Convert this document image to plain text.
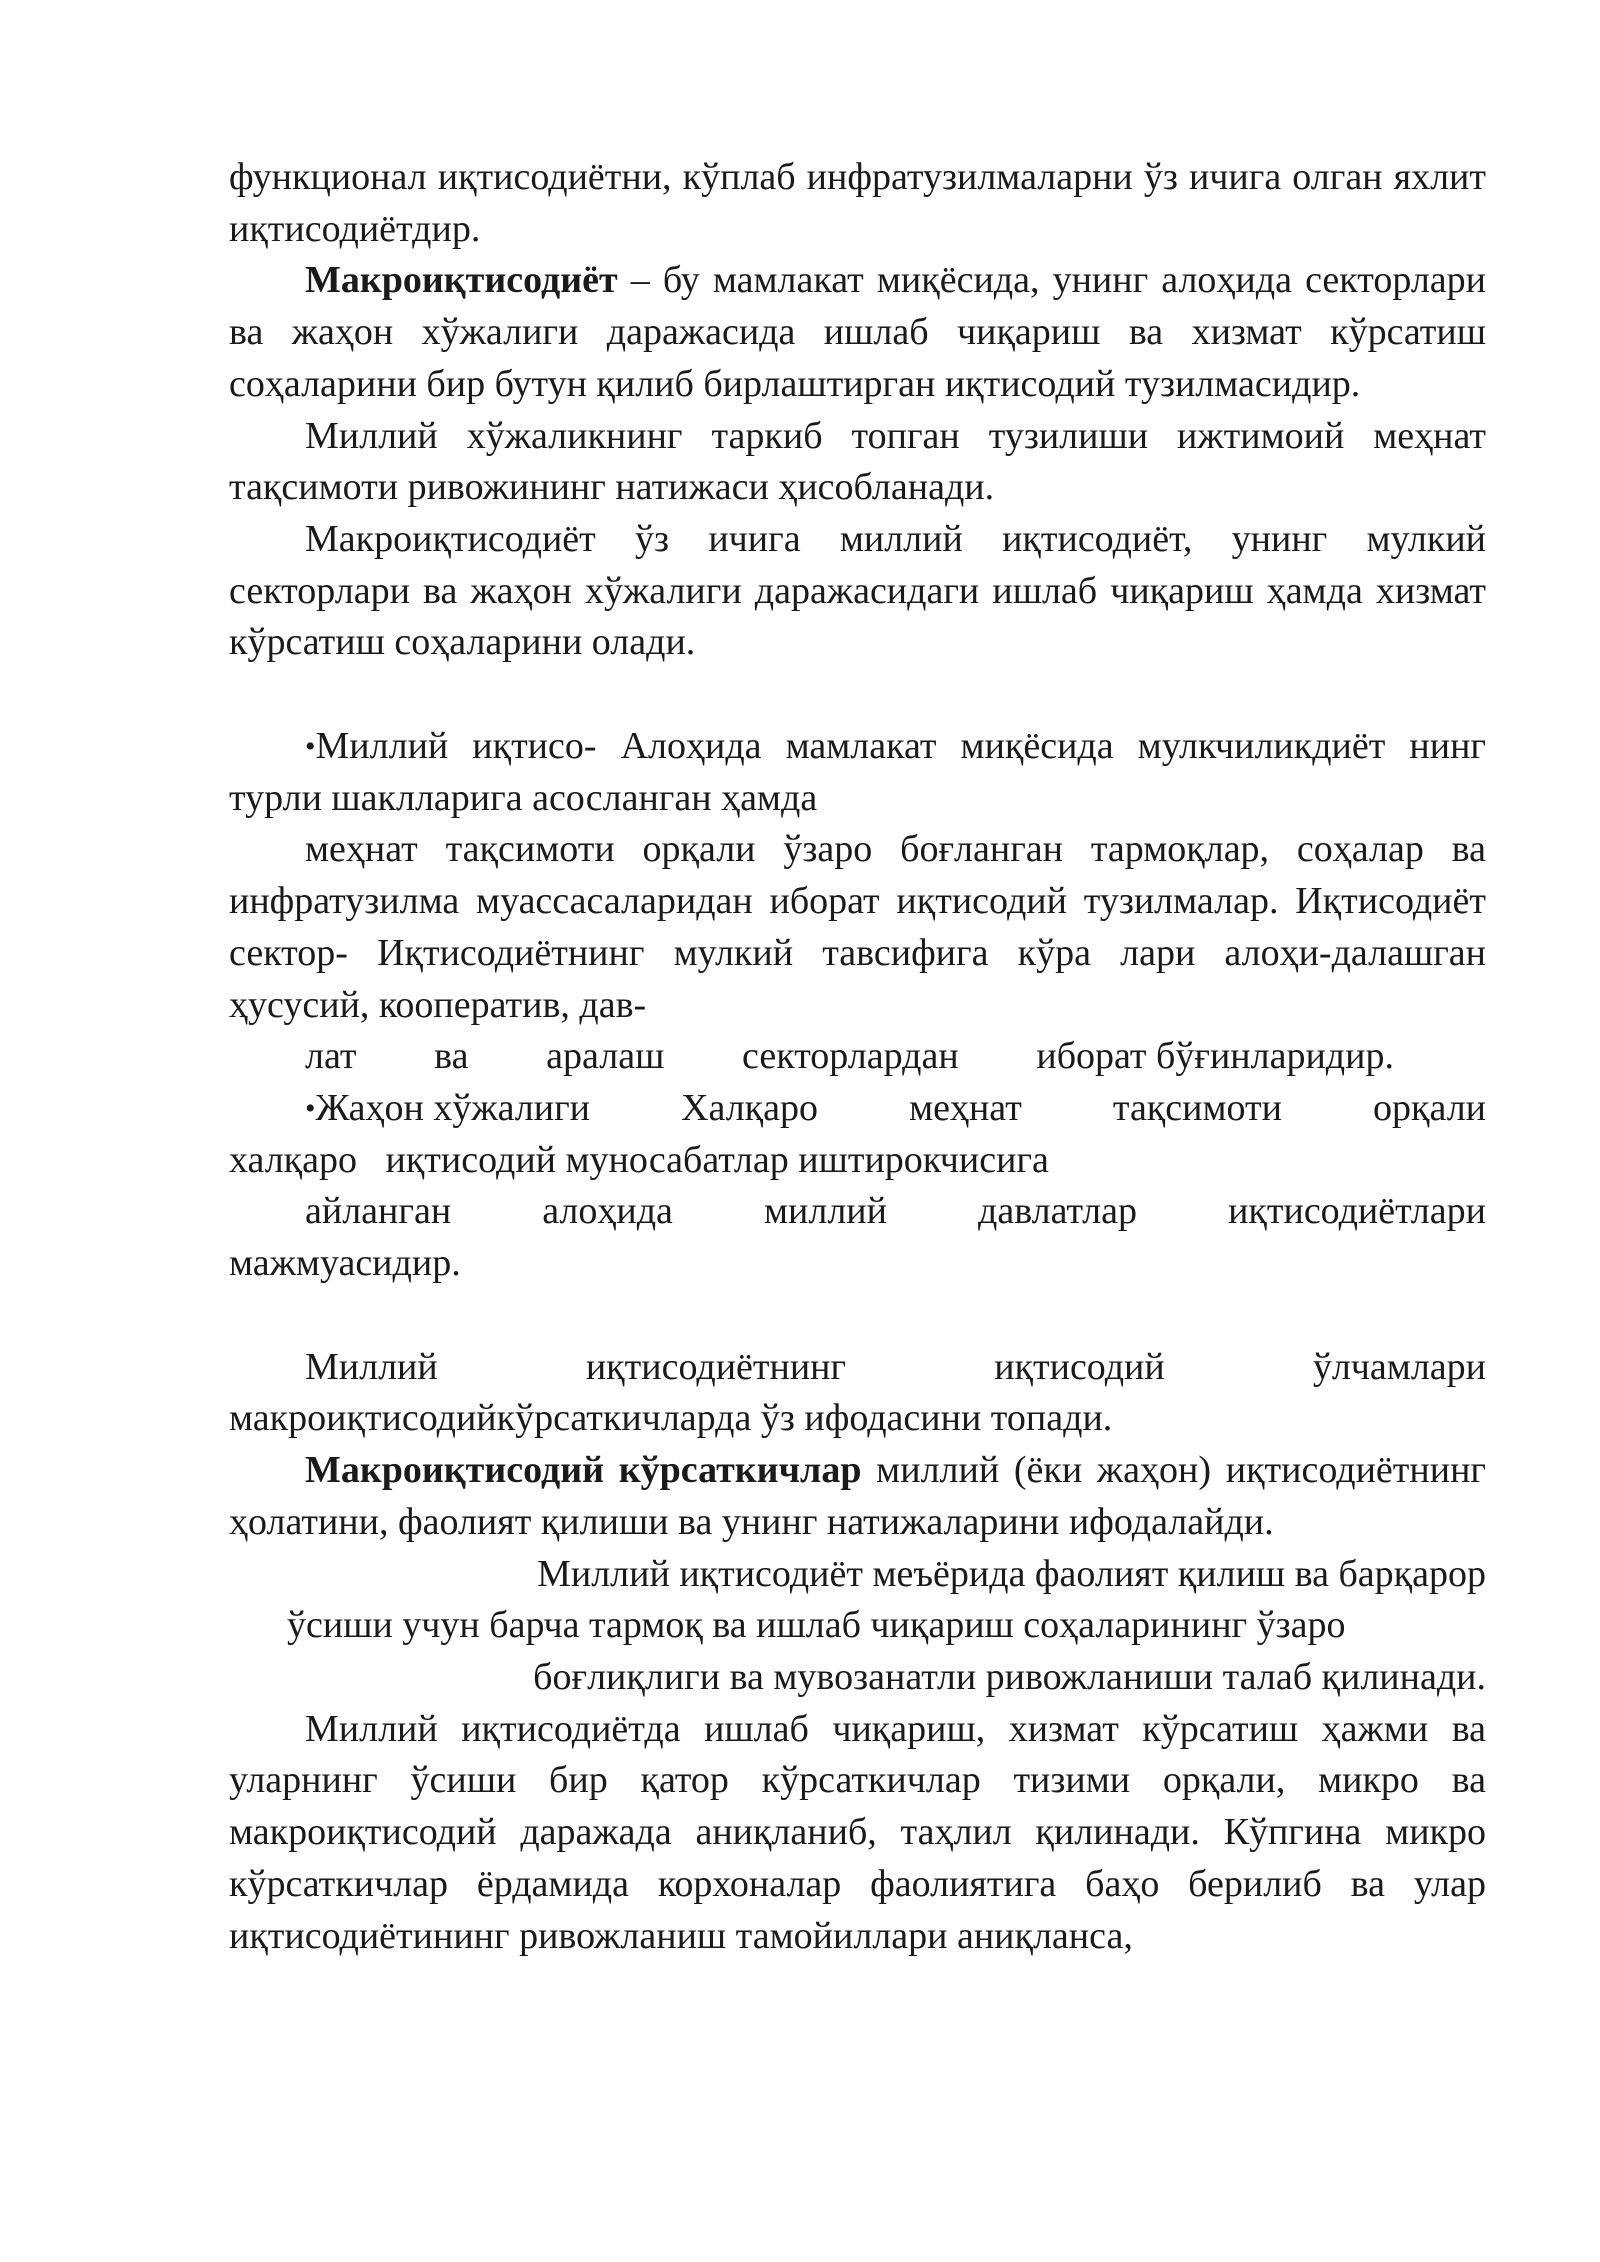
функционал иқтисодиётни, кўплаб инфратузилмаларни ўз ичига олган яхлит иқтисодиётдир.

Макроиқтисодиёт – бу мамлакат миқёсида, унинг алоҳида секторлари ва жаҳон хўжалиги даражасида ишлаб чиқариш ва хизмат кўрсатиш соҳаларини бир бутун қилиб бирлаштирган иқтисодий тузилмасидир.

Миллий хўжаликнинг таркиб топган тузилиши ижтимоий меҳнат тақсимоти ривожининг натижаси ҳисобланади.

Макроиқтисодиёт ўз ичига миллий иқтисодиёт, унинг мулкий секторлари ва жаҳон хўжалиги даражасидаги ишлаб чиқариш ҳамда хизмат кўрсатиш соҳаларини олади.

•Миллий иқтисо- Алоҳида мамлакат миқёсида мулкчиликдиёт нинг турли шаклларига асосланган ҳамда

меҳнат тақсимоти орқали ўзаро боғланган тармоқлар, соҳалар ва инфратузилма муассасаларидан иборат иқтисодий тузилмалар. Иқтисодиёт сектор- Иқтисодиётнинг мулкий тавсифига кўра лари алоҳи-далашган ҳусусий, кооператив, дав-

лат ва аралаш секторлардан иборат бўғинларидир.
•Жаҳон хўжалиги Халқаро меҳнат тақсимоти орқали

халқаро   иқтисодий муносабатлар иштирокчисига

айланган алоҳида миллий давлатлар иқтисодиётлари

мажмуасидир.

Миллий	иқтисодиётнинг	иқтисодий	ўлчамлари

макроиқтисодийкўрсаткичларда ўз ифодасини топади.

Макроиқтисодий кўрсаткичлар миллий (ёки жаҳон) иқтисодиётнинг ҳолатини, фаолият қилиши ва унинг натижаларини ифодалайди.

Миллий иқтисодиёт меъёрида фаолият қилиш ва барқарор

ўсиши учун барча тармоқ ва ишлаб чиқариш соҳаларининг ўзаро

боғлиқлиги ва мувозанатли ривожланиши талаб қилинади.

Миллий иқтисодиётда ишлаб чиқариш, хизмат кўрсатиш ҳажми ва уларнинг ўсиши бир қатор кўрсаткичлар тизими орқали, микро ва макроиқтисодий даражада аниқланиб, таҳлил қилинади. Кўпгина микро кўрсаткичлар ёрдамида корхоналар фаолиятига баҳо берилиб ва улар иқтисодиётининг ривожланиш тамойиллари аниқланса,
